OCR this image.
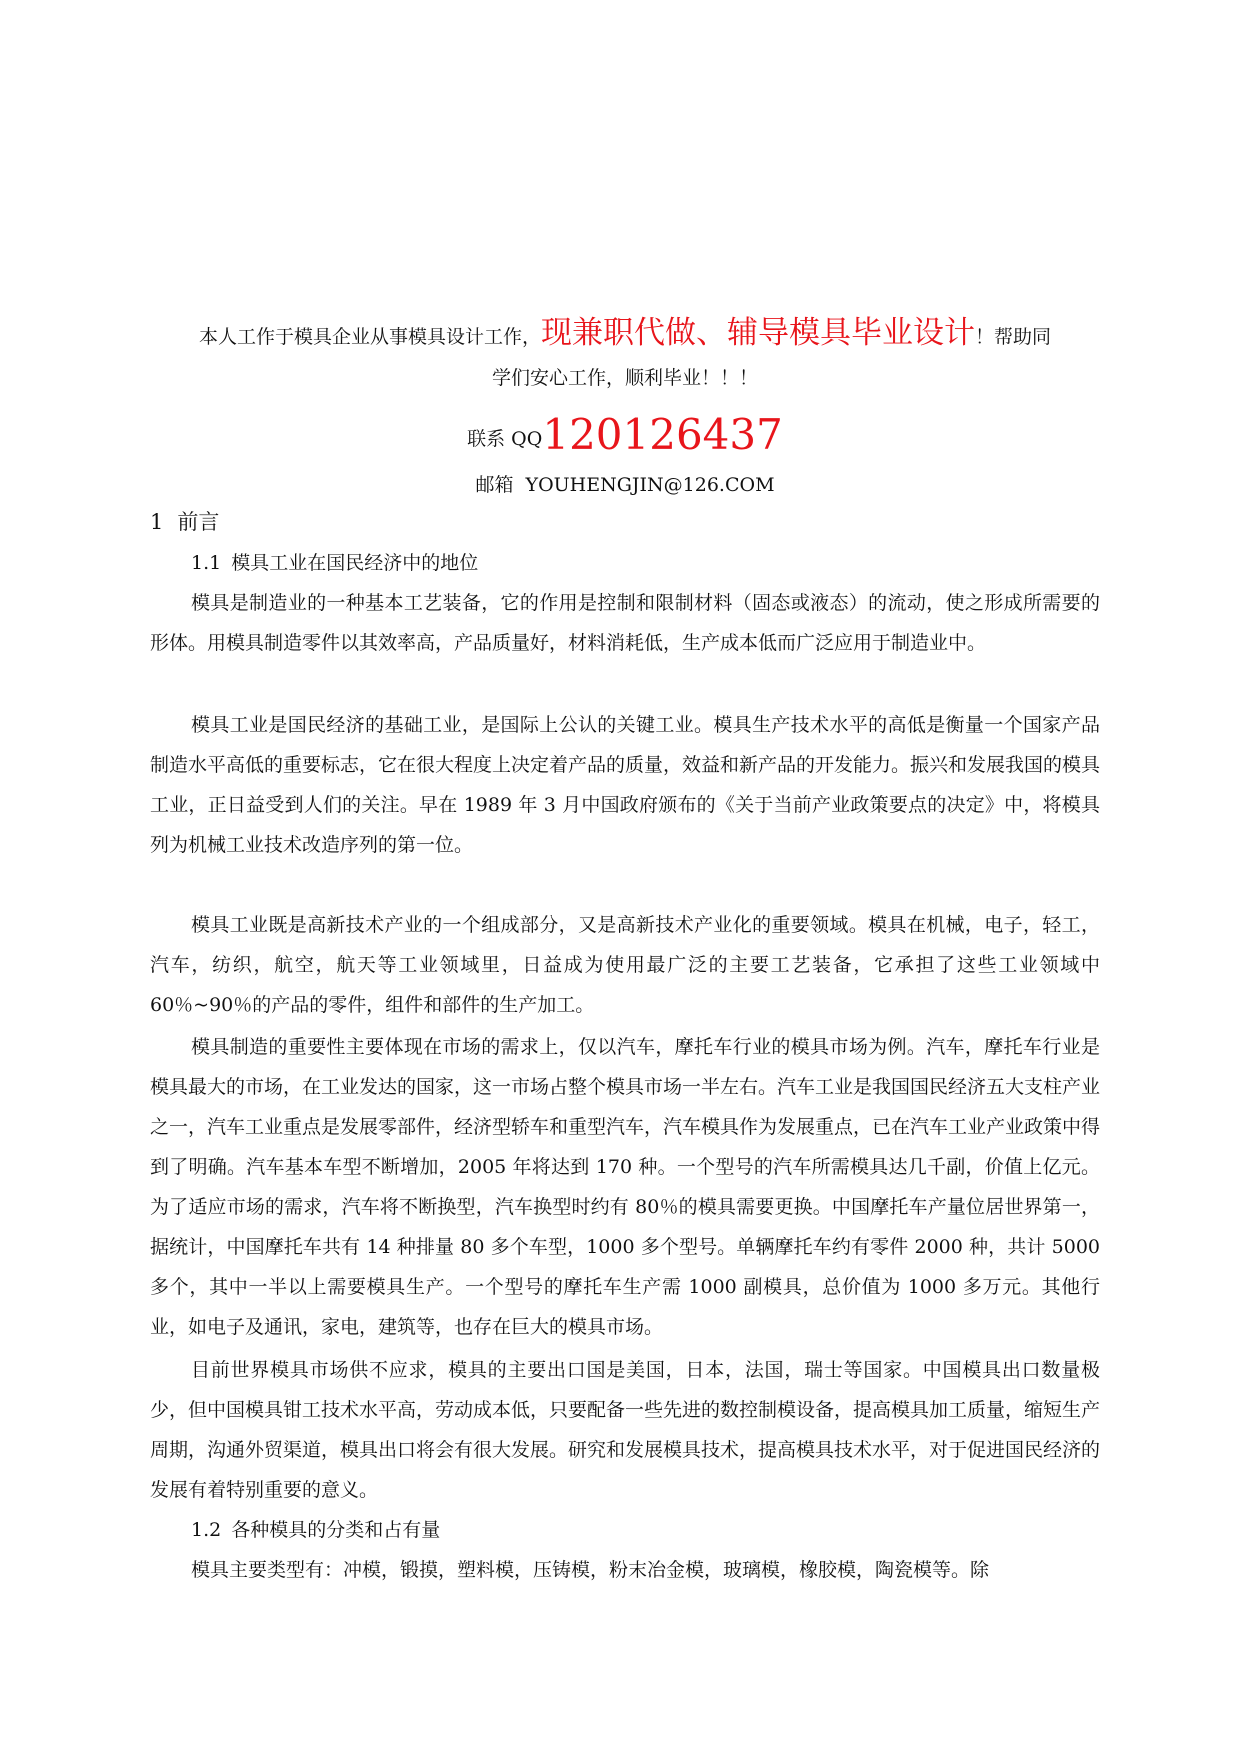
本人工作于模具企业从事模具设计工作，现兼职代做、辅导模具毕业设计！帮助同
学们安心工作，顺利毕业！！！
联系 QQ120126437
邮箱 YOUHENGJIN@126.COM
1 前言
1.1 模具工业在国民经济中的地位

模具是制造业的一种基本工艺装备，它的作用是控制和限制材料（固态或液态）的流动，使之形成所需要的形体。用模具制造零件以其效率高，产品质量好，材料消耗低，生产成本低而广泛应用于制造业中。

模具工业是国民经济的基础工业，是国际上公认的关键工业。模具生产技术水平的高低是衡量一个国家产品制造水平高低的重要标志，它在很大程度上决定着产品的质量，效益和新产品的开发能力。振兴和发展我国的模具工业，正日益受到人们的关注。早在 1989 年 3 月中国政府颁布的《关于当前产业政策要点的决定》中，将模具列为机械工业技术改造序列的第一位。

模具工业既是高新技术产业的一个组成部分，又是高新技术产业化的重要领域。模具在机械，电子，轻工，汽车，纺织，航空，航天等工业领域里，日益成为使用最广泛的主要工艺装备，它承担了这些工业领域中 60％~90％的产品的零件，组件和部件的生产加工。

模具制造的重要性主要体现在市场的需求上，仅以汽车，摩托车行业的模具市场为例。汽车，摩托车行业是模具最大的市场，在工业发达的国家，这一市场占整个模具市场一半左右。汽车工业是我国国民经济五大支柱产业之一，汽车工业重点是发展零部件，经济型轿车和重型汽车，汽车模具作为发展重点，已在汽车工业产业政策中得到了明确。汽车基本车型不断增加，2005 年将达到 170 种。一个型号的汽车所需模具达几千副，价值上亿元。为了适应市场的需求，汽车将不断换型，汽车换型时约有 80％的模具需要更换。中国摩托车产量位居世界第一，据统计，中国摩托车共有 14 种排量 80 多个车型，1000 多个型号。单辆摩托车约有零件 2000 种，共计 5000 多个，其中一半以上需要模具生产。一个型号的摩托车生产需 1000 副模具，总价值为 1000 多万元。其他行业，如电子及通讯，家电，建筑等，也存在巨大的模具市场。

目前世界模具市场供不应求，模具的主要出口国是美国，日本，法国，瑞士等国家。中国模具出口数量极少，但中国模具钳工技术水平高，劳动成本低，只要配备一些先进的数控制模设备，提高模具加工质量，缩短生产周期，沟通外贸渠道，模具出口将会有很大发展。研究和发展模具技术，提高模具技术水平，对于促进国民经济的发展有着特别重要的意义。

1.2 各种模具的分类和占有量

模具主要类型有：冲模，锻摸，塑料模，压铸模，粉末冶金模，玻璃模，橡胶模，陶瓷模等。除
